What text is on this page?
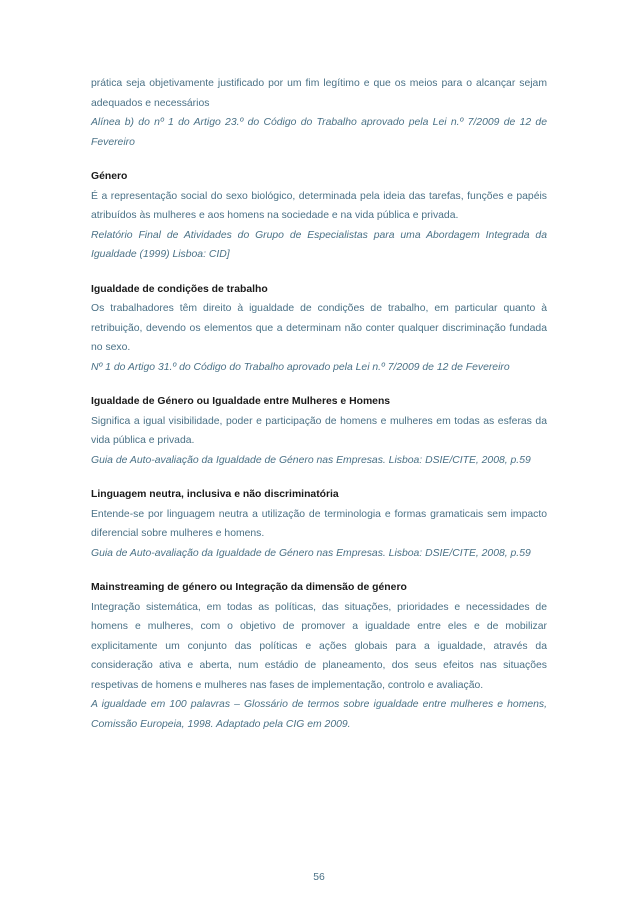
prática seja objetivamente justificado por um fim legítimo e que os meios para o alcançar sejam adequados e necessários

Alínea b) do nº 1 do Artigo 23.º do Código do Trabalho aprovado pela Lei n.º 7/2009 de 12 de Fevereiro

Género

É a representação social do sexo biológico, determinada pela ideia das tarefas, funções e papéis atribuídos às mulheres e aos homens na sociedade e na vida pública e privada.

Relatório Final de Atividades do Grupo de Especialistas para uma Abordagem Integrada da Igualdade (1999) Lisboa: CID]

Igualdade de condições de trabalho

Os trabalhadores têm direito à igualdade de condições de trabalho, em particular quanto à retribuição, devendo os elementos que a determinam não conter qualquer discriminação fundada no sexo.

Nº 1 do Artigo 31.º do Código do Trabalho aprovado pela Lei n.º 7/2009 de 12 de Fevereiro

Igualdade de Género ou Igualdade entre Mulheres e Homens

Significa a igual visibilidade, poder e participação de homens e mulheres em todas as esferas da vida pública e privada.

Guia de Auto-avaliação da Igualdade de Género nas Empresas. Lisboa: DSIE/CITE, 2008, p.59

Linguagem neutra, inclusiva e não discriminatória

Entende-se por linguagem neutra a utilização de terminologia e formas gramaticais sem impacto diferencial sobre mulheres e homens.

Guia de Auto-avaliação da Igualdade de Género nas Empresas. Lisboa: DSIE/CITE, 2008, p.59

Mainstreaming de género ou Integração da dimensão de género

Integração sistemática, em todas as políticas, das situações, prioridades e necessidades de homens e mulheres, com o objetivo de promover a igualdade entre eles e de mobilizar explicitamente um conjunto das políticas e ações globais para a igualdade, através da consideração ativa e aberta, num estádio de planeamento, dos seus efeitos nas situações respetivas de homens e mulheres nas fases de implementação, controlo e avaliação.

A igualdade em 100 palavras – Glossário de termos sobre igualdade entre mulheres e homens, Comissão Europeia, 1998. Adaptado pela CIG em 2009.

56
